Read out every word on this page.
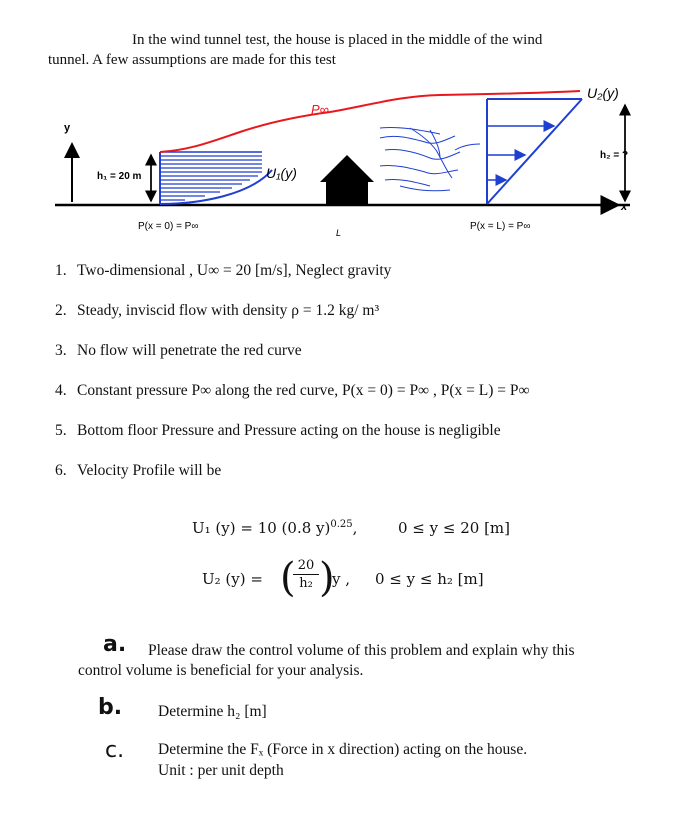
In the wind tunnel test, the house is placed in the middle of the wind
tunnel. A few assumptions are made for this test
y
x
h₁ = 20 m	U₁(y)
P∞
U₂(y)
h₂ = ?
P(x = 0) = P∞
L
P(x = L) = P∞
1. Two-dimensional , U∞ = 20 [m/s], Neglect gravity
2. Steady, inviscid flow with density ρ = 1.2 kg/ m³
3. No flow will penetrate the red curve
4. Constant pressure P∞ along the red curve, P(x = 0) = P∞ , P(x = L) = P∞
5. Bottom floor Pressure and Pressure acting on the house is negligible
6. Velocity Profile will be
U₁ (y) = 10 (0.8 y)$^{0.25}$,	0 ≤ y ≤ 20 [m]
U₂ (y) = (
$\frac{20}{\text{h₂}}$ )
y , 0 ≤ y ≤ h₂ [m]
a. Please draw the control volume of this problem and explain why this
control volume is beneficial for your analysis.
b. Determine h₂ [m]
c. Determine the Fₓ (Force in x direction) acting on the house.
Unit : per unit depth
